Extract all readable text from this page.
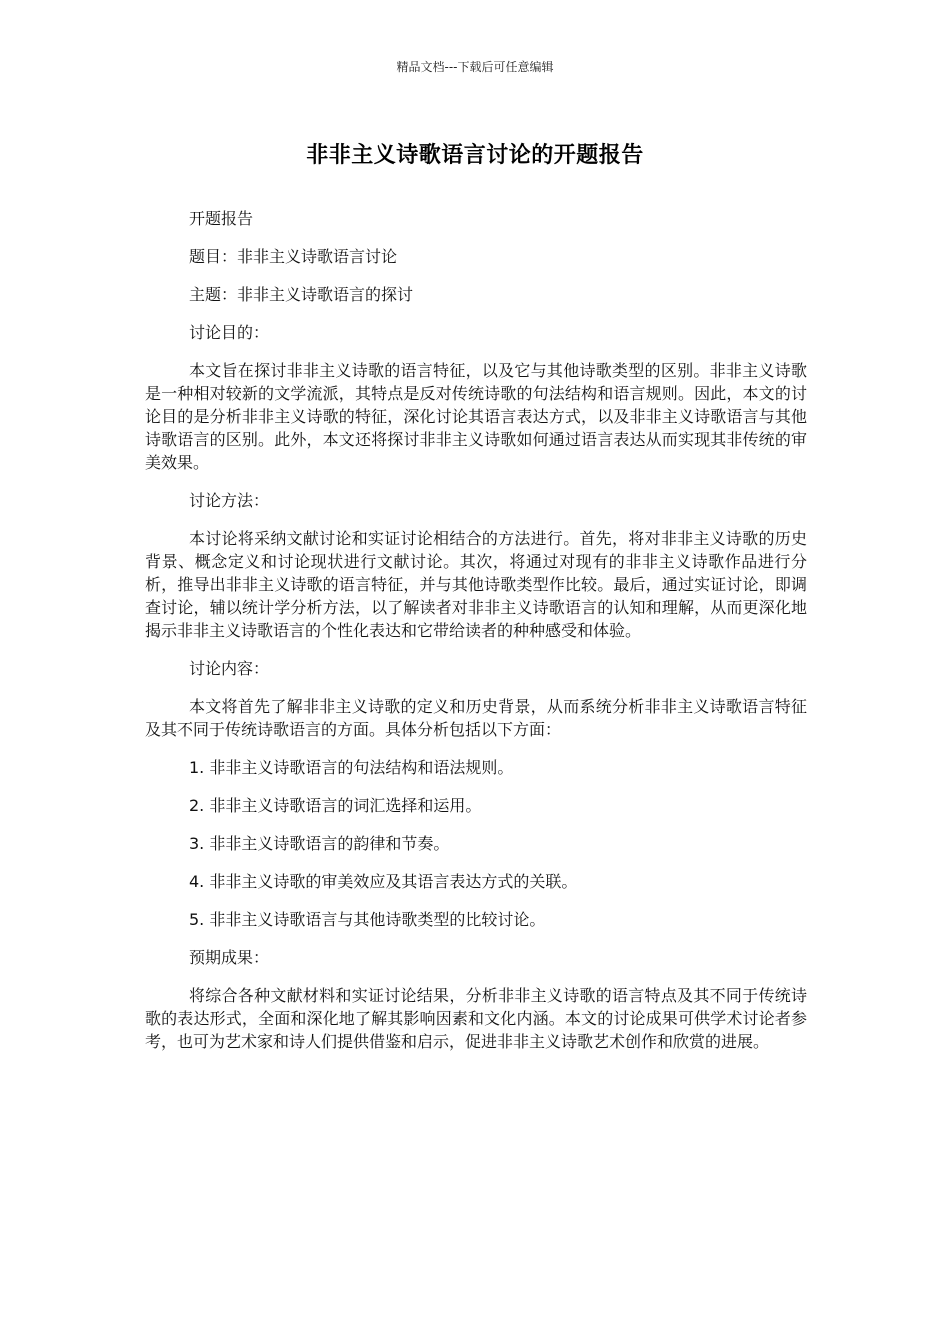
精品文档---下载后可任意编辑
非非主义诗歌语言讨论的开题报告

开题报告

题目：非非主义诗歌语言讨论

主题：非非主义诗歌语言的探讨

讨论目的：

本文旨在探讨非非主义诗歌的语言特征，以及它与其他诗歌类型的区别。非非主义诗歌是一种相对较新的文学流派，其特点是反对传统诗歌的句法结构和语言规则。因此，本文的讨论目的是分析非非主义诗歌的特征，深化讨论其语言表达方式，以及非非主义诗歌语言与其他诗歌语言的区别。此外，本文还将探讨非非主义诗歌如何通过语言表达从而实现其非传统的审美效果。

讨论方法：

本讨论将采纳文献讨论和实证讨论相结合的方法进行。首先，将对非非主义诗歌的历史背景、概念定义和讨论现状进行文献讨论。其次，将通过对现有的非非主义诗歌作品进行分析，推导出非非主义诗歌的语言特征，并与其他诗歌类型作比较。最后，通过实证讨论，即调查讨论，辅以统计学分析方法，以了解读者对非非主义诗歌语言的认知和理解，从而更深化地揭示非非主义诗歌语言的个性化表达和它带给读者的种种感受和体验。

讨论内容：

本文将首先了解非非主义诗歌的定义和历史背景，从而系统分析非非主义诗歌语言特征及其不同于传统诗歌语言的方面。具体分析包括以下方面：

1. 非非主义诗歌语言的句法结构和语法规则。

2. 非非主义诗歌语言的词汇选择和运用。

3. 非非主义诗歌语言的韵律和节奏。

4. 非非主义诗歌的审美效应及其语言表达方式的关联。

5. 非非主义诗歌语言与其他诗歌类型的比较讨论。

预期成果：

将综合各种文献材料和实证讨论结果，分析非非主义诗歌的语言特点及其不同于传统诗歌的表达形式，全面和深化地了解其影响因素和文化内涵。本文的讨论成果可供学术讨论者参考，也可为艺术家和诗人们提供借鉴和启示，促进非非主义诗歌艺术创作和欣赏的进展。
